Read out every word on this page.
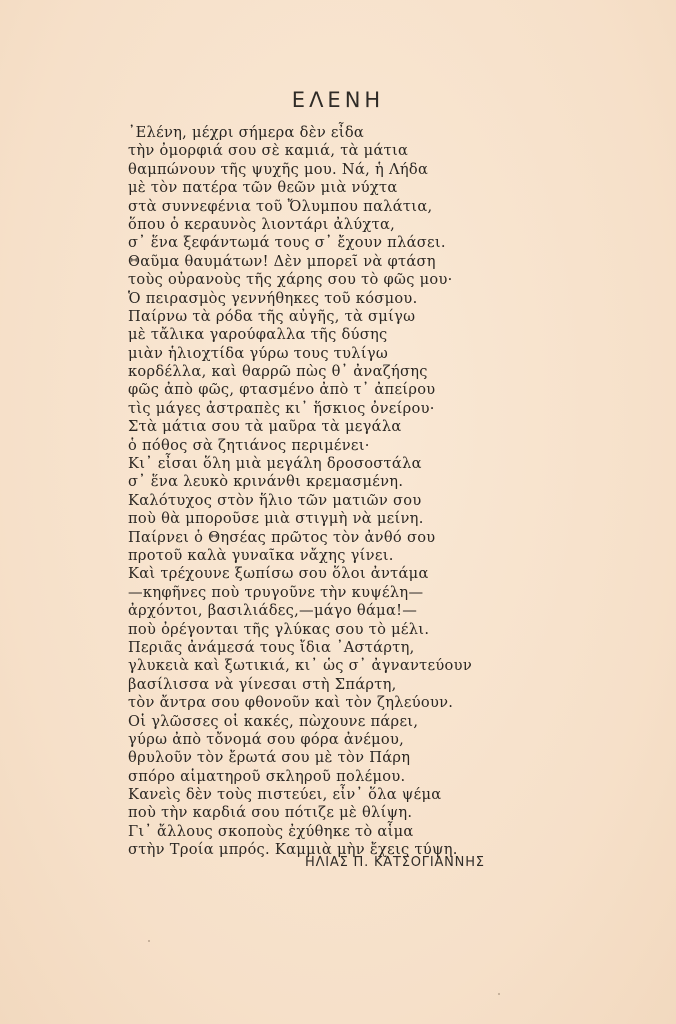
ΕΛΕΝΗ
᾿Ελένη, μέχρι σήμερα δὲν εἶδα
τὴν ὀμορφιά σου σὲ καμιά, τὰ μάτια
θαμπώνουν τῆς ψυχῆς μου. Νά, ἡ Λήδα
μὲ τὸν πατέρα τῶν θεῶν μιὰ νύχτα
στὰ συννεφένια τοῦ Ὄλυμπου παλάτια,
ὅπου ὁ κεραυνὸς λιοντάρι ἀλύχτα,
σ᾽ ἕνα ξεφάντωμά τους σ᾽ ἔχουν πλάσει.
Θαῦμα θαυμάτων! Δὲν μπορεῖ νὰ φτάση
τοὺς οὐρανοὺς τῆς χάρης σου τὸ φῶς μου·
Ὁ πειρασμὸς γεννήθηκες τοῦ κόσμου.
Παίρνω τὰ ρόδα τῆς αὐγῆς, τὰ σμίγω
μὲ τἄλικα γαρούφαλλα τῆς δύσης
μιὰν ἡλιοχτίδα γύρω τους τυλίγω
κορδέλλα, καὶ θαρρῶ πὼς θ᾽ ἀναζήσης
φῶς ἀπὸ φῶς, φτασμένο ἀπὸ τ᾽ ἀπείρου
τὶς μάγες ἀστραπὲς κι᾽ ἥσκιος ὀνείρου·
Στὰ μάτια σου τὰ μαῦρα τὰ μεγάλα
ὁ πόθος σὰ ζητιάνος περιμένει·
Κι᾽ εἶσαι ὅλη μιὰ μεγάλη δροσοστάλα
σ᾽ ἕνα λευκὸ κρινάνθι κρεμασμένη.
Καλότυχος στὸν ἥλιο τῶν ματιῶν σου
ποὺ θὰ μποροῦσε μιὰ στιγμὴ νὰ μείνη.
Παίρνει ὁ Θησέας πρῶτος τὸν ἀνθό σου
προτοῦ καλὰ γυναῖκα νἄχης γίνει.
Καὶ τρέχουνε ξωπίσω σου ὅλοι ἀντάμα
—κηφῆνες ποὺ τρυγοῦνε τὴν κυψέλη—
ἀρχόντοι, βασιλιάδες,—μάγο θάμα!—
ποὺ ὀρέγονται τῆς γλύκας σου τὸ μέλι.
Περιᾶς ἀνάμεσά τους ἴδια ᾿Αστάρτη,
γλυκειὰ καὶ ξωτικιά, κι᾽ ὡς σ᾽ ἀγναντεύουν
βασίλισσα νὰ γίνεσαι στὴ Σπάρτη,
τὸν ἄντρα σου φθονοῦν καὶ τὸν ζηλεύουν.
Οἱ γλῶσσες οἱ κακές, πὼχουνε πάρει,
γύρω ἀπὸ τὄνομά σου φόρα ἀνέμου,
θρυλοῦν τὸν ἔρωτά σου μὲ τὸν Πάρη
σπόρο αἱματηροῦ σκληροῦ πολέμου.
Κανεὶς δὲν τοὺς πιστεύει, εἶν᾽ ὅλα ψέμα
ποὺ τὴν καρδιά σου πότιζε μὲ θλίψη.
Γι᾽ ἄλλους σκοποὺς ἐχύθηκε τὸ αἷμα
στὴν Τροία μπρός. Καμμιὰ μὴν ἔχεις τύψη.
ΗΛΙΑΣ Π. ΚΑΤΣΟΓΙΑΝΝΗΣ
